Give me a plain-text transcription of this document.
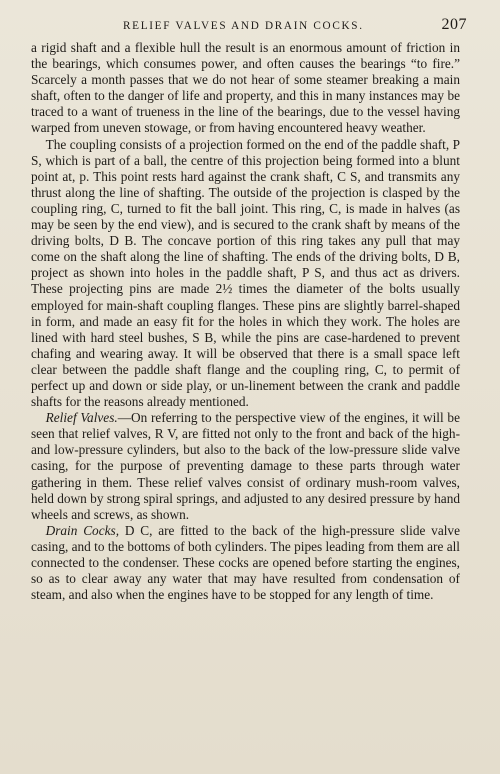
RELIEF VALVES AND DRAIN COCKS.	207

a rigid shaft and a flexible hull the result is an enormous amount of friction in the bearings, which consumes power, and often causes the bearings “to fire.” Scarcely a month passes that we do not hear of some steamer breaking a main shaft, often to the danger of life and property, and this in many instances may be traced to a want of trueness in the line of the bearings, due to the vessel having warped from uneven stowage, or from having encountered heavy weather.

The coupling consists of a projection formed on the end of the paddle shaft, P S, which is part of a ball, the centre of this projection being formed into a blunt point at, p. This point rests hard against the crank shaft, C S, and transmits any thrust along the line of shafting. The outside of the projection is clasped by the coupling ring, C, turned to fit the ball joint. This ring, C, is made in halves (as may be seen by the end view), and is secured to the crank shaft by means of the driving bolts, D B. The concave portion of this ring takes any pull that may come on the shaft along the line of shafting. The ends of the driving bolts, D B, project as shown into holes in the paddle shaft, P S, and thus act as drivers. These projecting pins are made 2½ times the diameter of the bolts usually employed for main-shaft coupling flanges. These pins are slightly barrel-shaped in form, and made an easy fit for the holes in which they work. The holes are lined with hard steel bushes, S B, while the pins are case-hardened to prevent chafing and wearing away. It will be observed that there is a small space left clear between the paddle shaft flange and the coupling ring, C, to permit of perfect up and down or side play, or un-linement between the crank and paddle shafts for the reasons already mentioned.

Relief Valves.—On referring to the perspective view of the engines, it will be seen that relief valves, R V, are fitted not only to the front and back of the high- and low-pressure cylinders, but also to the back of the low-pressure slide valve casing, for the purpose of preventing damage to these parts through water gathering in them. These relief valves consist of ordinary mush-room valves, held down by strong spiral springs, and adjusted to any desired pressure by hand wheels and screws, as shown.

Drain Cocks, D C, are fitted to the back of the high-pressure slide valve casing, and to the bottoms of both cylinders. The pipes leading from them are all connected to the condenser. These cocks are opened before starting the engines, so as to clear away any water that may have resulted from condensation of steam, and also when the engines have to be stopped for any length of time.
